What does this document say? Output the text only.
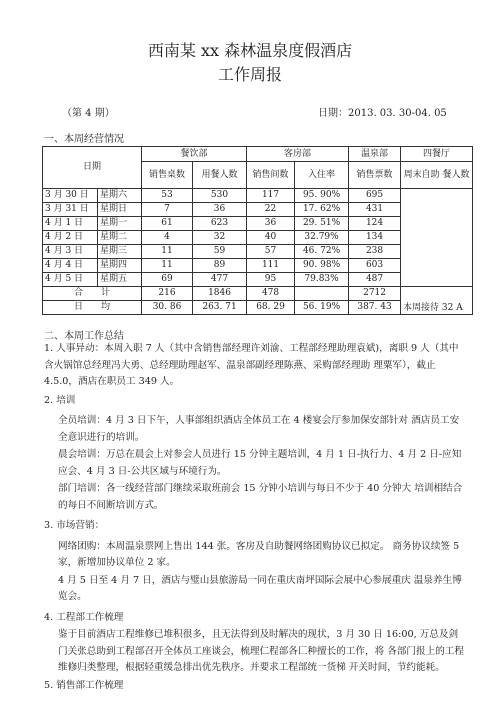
西南某 xx 森林温泉度假酒店
工作周报
（第 4 期）	日期：2013. 03. 30-04. 05
一、本周经营情况
日期		餐饮部		客房部		温泉部	四餐厅
		销售桌数	用餐人数	销售间数	入住率	销售票数	周末自助 餐人数
3 月 30 日	星期六	53	530	117	95. 90%	695	
3 月 31 日	星期日	7	36	22	17. 62%	431	
4 月 1 日	星期一	61	623	36	29. 51%	124	
4 月 2 日	星期二	4	32	40	32.79%	134	
4 月 3 日	星期三	11	59	57	46. 72%	238	
4 月 4 日	星期四	11	89	111	90. 98%	603	
4 月 5 日	星期五	69	477	95	79.83%	487	
合　　计		216	1846	478		2712	本周接待 32 A
日　　均		30. 86	263. 71	68. 29	56. 19%	387. 43	
二、本周工作总结

1. 人事异动：本周入职 7 人（其中含销售部经理许刘渝、工程部经理助理袁斌)，离职 9 人（其中含火锅馆总经理冯大勇、总经理助理赵军、温泉部副经理陈燕、采购部经理助 理粟军），截止 4.5.0，酒店在职员工 349 人。

2. 培训

全员培训：4 月 3 日下午，人事部组织酒店全体员工在 4 楼宴会厅参加保安部针对 酒店员工安全意识进行的培训。

晨会培训：万总在晨会上对参会人员进行 15 分钟主题培训，4 月 1 日-执行力、4 月 2 日-应知应会、4 月 3 日-公共区域与环境行为。

部门培训：各一线经营部门继续采取班前会 15 分钟小培训与每日不少于 40 分钟大 培训相结合的每日不间断培训方式。

3. 市场营销：

网络团购：本周温泉票网上售出 144 张。客房及自助餐网络团购协议已拟定。 商务协议续签 5 家，新增加协议单位 2 家。

4 月 5 日至 4 月 7 日，酒店与璧山县旅游局一同在重庆南坪国际会展中心参展重庆 温泉养生博览会。

4. 工程部工作梳理

鉴于目前酒店工程维修已堆积很多，且无法得到及时解决的现状，3 月 30 日 16:00, 万总及剑门关张总助到工程部召开全体员工座谈会，梳理仁程部各匚种擅长的工作，将 各部门报上的工程维修归类整理，根据轻重缓急排出优先秩序。并要求工程部统一货梯 开关时间，节约能耗。

5. 销售部工作梳理
